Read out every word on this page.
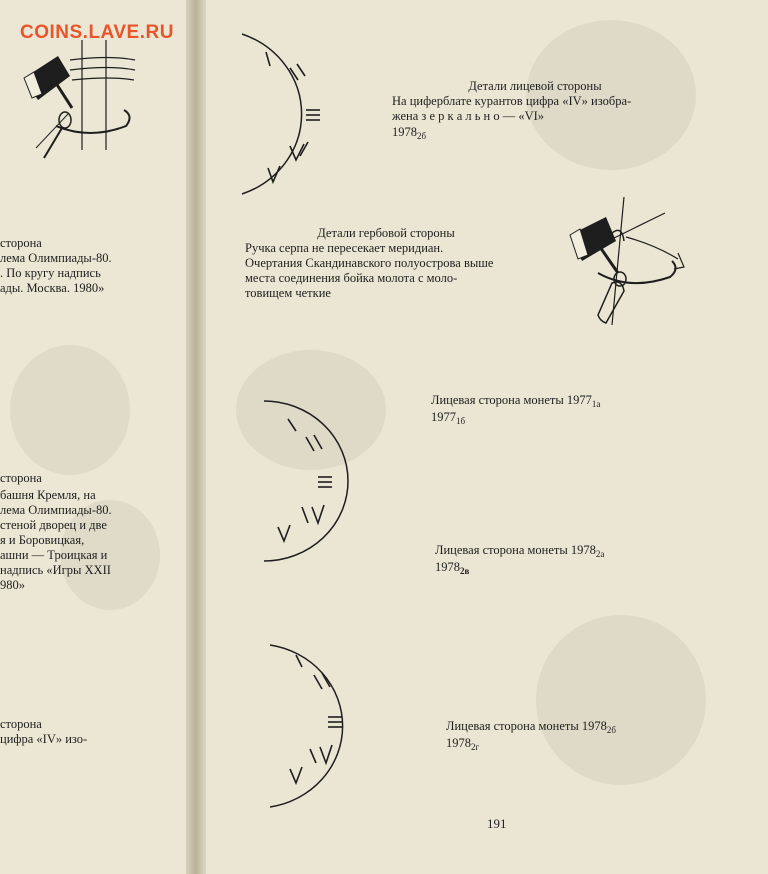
COINS.LAVE.RU
сторона
лема Олимпиады-80.
. По кругу надпись
ады. Москва. 1980»
сторона
башня Кремля, на
лема Олимпиады-80.
стеной дворец и две
я и Боровицкая,
ашни — Троицкая и
надпись «Игры XXII
980»
сторона
цифра «IV» изо-
Детали лицевой стороны
На циферблате курантов цифра «IV» изобра-
жена з е р к а л ь н о — «VI»
$1978_{2б}$
Детали гербовой стороны
Ручка серпа не пересекает меридиан.
Очертания Скандинавского полуострова выше
места соединения бойка молота с моло-
товищем четкие
Лицевая сторона монеты $1977_{1а}$
$1977_{1б}$
Лицевая сторона монеты $1978_{2а}$
$1978_{2в}$
Лицевая сторона монеты $1978_{2б}$
$1978_{2г}$
191
